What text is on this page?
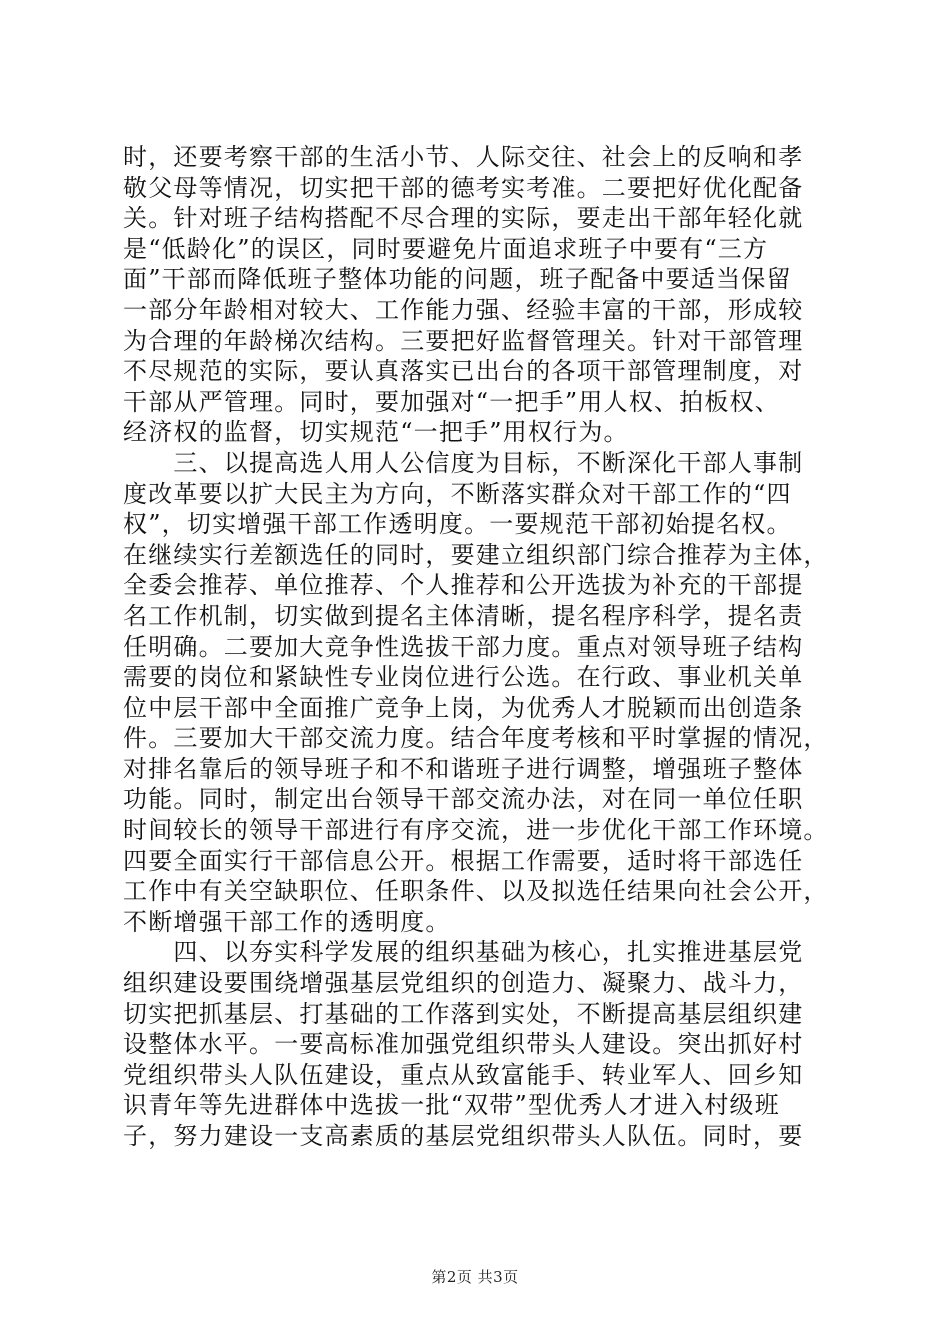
时，还要考察干部的生活小节、人际交往、社会上的反响和孝
敬父母等情况，切实把干部的德考实考准。二要把好优化配备
关。针对班子结构搭配不尽合理的实际，要走出干部年轻化就
是“低龄化”的误区，同时要避免片面追求班子中要有“三方
面”干部而降低班子整体功能的问题，班子配备中要适当保留
一部分年龄相对较大、工作能力强、经验丰富的干部，形成较
为合理的年龄梯次结构。三要把好监督管理关。针对干部管理
不尽规范的实际，要认真落实已出台的各项干部管理制度，对
干部从严管理。同时，要加强对“一把手”用人权、拍板权、
经济权的监督，切实规范“一把手”用权行为。
　　三、以提高选人用人公信度为目标，不断深化干部人事制
度改革要以扩大民主为方向，不断落实群众对干部工作的“四
权”，切实增强干部工作透明度。一要规范干部初始提名权。
在继续实行差额选任的同时，要建立组织部门综合推荐为主体，
全委会推荐、单位推荐、个人推荐和公开选拔为补充的干部提
名工作机制，切实做到提名主体清晰，提名程序科学，提名责
任明确。二要加大竞争性选拔干部力度。重点对领导班子结构
需要的岗位和紧缺性专业岗位进行公选。在行政、事业机关单
位中层干部中全面推广竞争上岗，为优秀人才脱颖而出创造条
件。三要加大干部交流力度。结合年度考核和平时掌握的情况，
对排名靠后的领导班子和不和谐班子进行调整，增强班子整体
功能。同时，制定出台领导干部交流办法，对在同一单位任职
时间较长的领导干部进行有序交流，进一步优化干部工作环境。
四要全面实行干部信息公开。根据工作需要，适时将干部选任
工作中有关空缺职位、任职条件、以及拟选任结果向社会公开，
不断增强干部工作的透明度。
　　四、以夯实科学发展的组织基础为核心，扎实推进基层党
组织建设要围绕增强基层党组织的创造力、凝聚力、战斗力，
切实把抓基层、打基础的工作落到实处，不断提高基层组织建
设整体水平。一要高标准加强党组织带头人建设。突出抓好村
党组织带头人队伍建设，重点从致富能手、转业军人、回乡知
识青年等先进群体中选拔一批“双带”型优秀人才进入村级班
子，努力建设一支高素质的基层党组织带头人队伍。同时，要
第2页 共3页
